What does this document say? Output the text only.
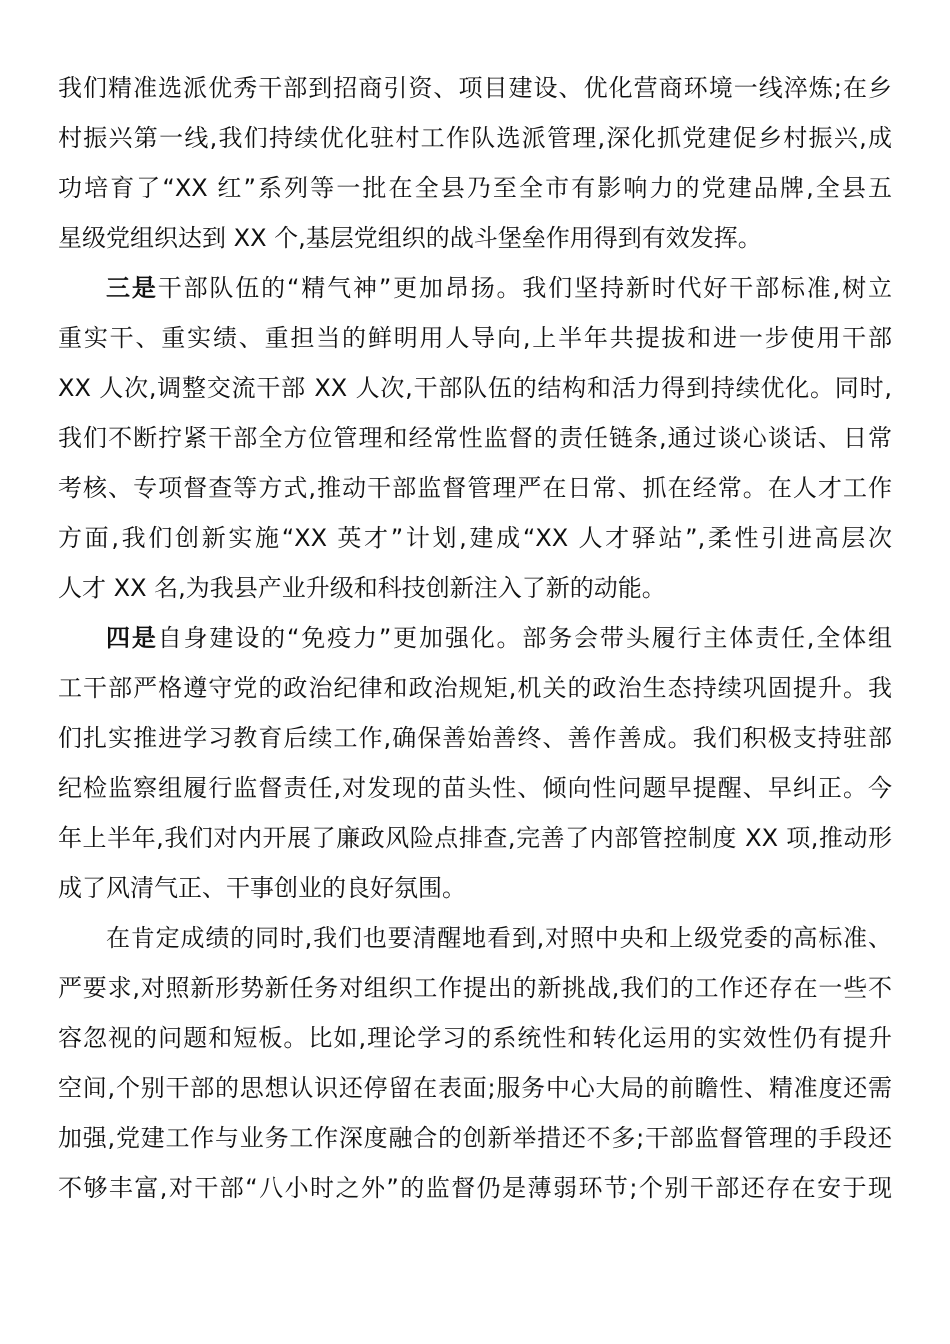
我们精准选派优秀干部到招商引资、项目建设、优化营商环境一线淬炼;在乡
村振兴第一线,我们持续优化驻村工作队选派管理,深化抓党建促乡村振兴,成
功培育了“XX 红”系列等一批在全县乃至全市有影响力的党建品牌,全县五
星级党组织达到 XX 个,基层党组织的战斗堡垒作用得到有效发挥。
三是干部队伍的“精气神”更加昂扬。我们坚持新时代好干部标准,树立
重实干、重实绩、重担当的鲜明用人导向,上半年共提拔和进一步使用干部
XX 人次,调整交流干部 XX 人次,干部队伍的结构和活力得到持续优化。同时,
我们不断拧紧干部全方位管理和经常性监督的责任链条,通过谈心谈话、日常
考核、专项督查等方式,推动干部监督管理严在日常、抓在经常。在人才工作
方面,我们创新实施“XX 英才”计划,建成“XX 人才驿站”,柔性引进高层次
人才 XX 名,为我县产业升级和科技创新注入了新的动能。
四是自身建设的“免疫力”更加强化。部务会带头履行主体责任,全体组
工干部严格遵守党的政治纪律和政治规矩,机关的政治生态持续巩固提升。我
们扎实推进学习教育后续工作,确保善始善终、善作善成。我们积极支持驻部
纪检监察组履行监督责任,对发现的苗头性、倾向性问题早提醒、早纠正。今
年上半年,我们对内开展了廉政风险点排查,完善了内部管控制度 XX 项,推动形
成了风清气正、干事创业的良好氛围。
在肯定成绩的同时,我们也要清醒地看到,对照中央和上级党委的高标准、
严要求,对照新形势新任务对组织工作提出的新挑战,我们的工作还存在一些不
容忽视的问题和短板。比如,理论学习的系统性和转化运用的实效性仍有提升
空间,个别干部的思想认识还停留在表面;服务中心大局的前瞻性、精准度还需
加强,党建工作与业务工作深度融合的创新举措还不多;干部监督管理的手段还
不够丰富,对干部“八小时之外”的监督仍是薄弱环节;个别干部还存在安于现
